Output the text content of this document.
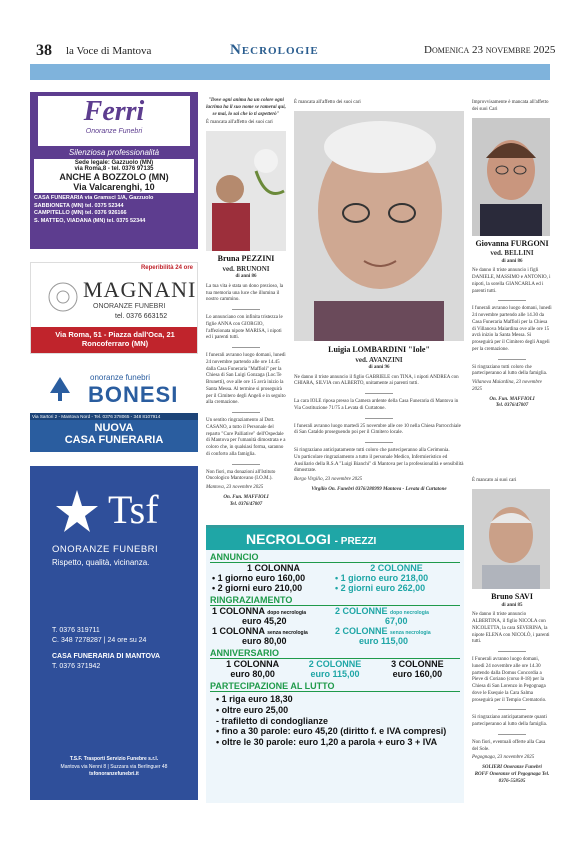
38 la Voce di Mantova	Necrologie	Domenica 23 novembre 2025
Ferri
Onoranze Funebri
Silenziosa professionalità
Sede legale: Gazzuolo (MN)
via Roma,8 - tel. 0376 97135
ANCHE A BOZZOLO (MN)
Via Valcarenghi, 10
CASA FUNERARIA via Gramsci 1/A, Gazzuolo
SABBIONETA (MN) tel. 0375 52344
CAMPITELLO (MN) tel. 0376 926166
S. MATTEO, VIADANA (MN) tel. 0375 52344
Reperibilità 24 ore
MAGNANI
ONORANZE FUNEBRI
tel. 0376 663152
Via Roma, 51 - Piazza dall'Oca, 21
Roncoferraro (MN)
onoranze funebri
BONESI
Via Sartori 2 - Mantova Nord - Tel. 0376 378065 - 348 8107914
NUOVA
CASA FUNERARIA
Tsf
ONORANZE FUNEBRI
Rispetto, qualità, vicinanza.
T. 0376 319711
C. 348 7278287 | 24 ore su 24
CASA FUNERARIA DI MANTOVA
T. 0376 371942
T.S.F. Trasporti Servizio Funebre s.r.l.
Mantova via Nenni 8 | Suzzara via Berlinguer 48
tsfonoranzefunebri.it
"Dove ogni anima ha un colore ogni lacrima ha il suo nome se ramerai qui, se mai, lo sai che io ti aspetterò"
È mancata all'affetto dei suoi cari
Bruna PEZZINI
ved. BRUNONI
di anni 86
La tua vita è stata un dono prezioso, la tua memoria una luce che illumina il nostro cammino.
Lo annunciano con infinita tristezza le figlie ANNA con GIORGIO, l'affezionata nipote MARISA, i nipoti ed i parenti tutti.
I funerali avranno luogo domani, lunedì 24 novembre partendo alle ore 14.45 dalla Casa Funeraria "Maffioli" per la Chiesa di San Luigi Gonzaga (Loc.Te Brunetti), ove alle ore 15 avrà inizio la Santa Messa. Al termine si proseguirà per il Cimitero degli Angeli e in seguito alla cremazione.
Un sentito ringraziamento al Dott. CASANO, a tutto il Personale del reparto "Cure Palliative" dell'Ospedale di Mantova per l'umanità dimostrata e a coloro che, in qualsiasi forma, saranno di conforto alla famiglia.
Non fiori, ma donazioni all'Istituto Oncologico Mantovano (I.O.M.).
Mantova, 23 novembre 2025
On. Fun. MAFFIOLI
Tel. 0376/47007
È mancata all'affetto dei suoi cari
Luigia LOMBARDINI "Iole"
ved. AVANZINI
di anni 96
Ne danno il triste annuncio il figlio GABRIELE con TINA, i nipoti ANDREA con CHIARA, SILVIA con ALBERTO, unitamente ai parenti tutti.
La cara IOLE riposa presso la Camera ardente della Casa Funeraria di Mantova in Via Costituzione 71/75 a Levata di Curtatone.
I funerali avranno luogo martedì 25 novembre alle ore 10 nella Chiesa Parrocchiale di San Cataldo proseguendo poi per il Cimitero locale.
Si ringraziano anticipatamente tutti coloro che parteciperanno alla Cerimonia.
Un particolare ringraziamento a tutto il personale Medico, Infermieristico ed Ausiliario della R.S.A "Luigi Bianchi" di Mantova per la professionalità e sensibilità dimostrate.
Borgo Virgilio, 23 novembre 2025
Virgilio On. Funebri 0376/280999 Mantova - Levata di Curtatone
Improvvisamente è mancata all'affetto dei suoi Cari
Giovanna FURGONI
ved. BELLINI
di anni 86
Ne danno il triste annuncio i figli DANIELE, MASSIMO e ANTONIO, i nipoti, la sorella GIANCARLA ed i parenti tutti.
I funerali avranno luogo domani, lunedì 24 novembre partendo alle 14.30 da Casa Funeraria Maffioli per la Chiesa di Villanova Maiardina ove alle ore 15 avrà inizio la Santa Messa. Si proseguirà per il Cimitero degli Angeli per la cremazione.
Si ringraziano tutti coloro che parteciperanno al lutto della famiglia.
Villanova Maiardina, 23 novembre 2025
On. Fun. MAFFIOLI
Tel. 0376/47007
È mancato ai suoi cari
Bruno SAVI
di anni 85
Ne danno il triste annuncio ALBERTINA, il figlio NICOLA con NICOLETTA, la cara SEVERINA, la nipote ELENA con NICOLÒ, i parenti tutti.
I Funerali avranno luogo domani, lunedì 24 novembre alle ore 14.30 partendo dalla Domus Concordia a Pieve di Coriano (corso 8-18) per la Chiesa di San Lorenzo in Pegognaga dove le Esequie la Cara Salma proseguirà per il Tempio Crematorio.
Si ringraziano anticipatamente quanti parteciperanno al lutto della famiglia.
Non fiori, eventuali offerte alla Casa del Sole.
Pegognaga, 23 novembre 2025
SOLIERI Onoranze Funebri
ROFF Onoranze srl Pegognaga Tel. 0376-558505
NECROLOGI - PREZZI
ANNUNCIO
1 COLONNA
• 1 giorno euro 160,00
• 2 giorni euro 210,00
2 COLONNE
• 1 giorno euro 218,00
• 2 giorni euro 262,00
RINGRAZIAMENTO
1 COLONNA dopo necrologia
euro 45,20
1 COLONNA senza necrologia
euro 80,00
2 COLONNE dopo necrologia
67,00
2 COLONNE senza necrologia
euro 115,00
ANNIVERSARIO
1 COLONNA
euro 80,00
2 COLONNE
euro 115,00
3 COLONNE
euro 160,00
PARTECIPAZIONE AL LUTTO
• 1 riga euro 18,30
• oltre euro 25,00
- trafiletto di condoglianze
• fino a 30 parole: euro 45,20 (diritto f. e IVA compresi)
• oltre le 30 parole: euro 1,20 a parola + euro 3 + IVA
